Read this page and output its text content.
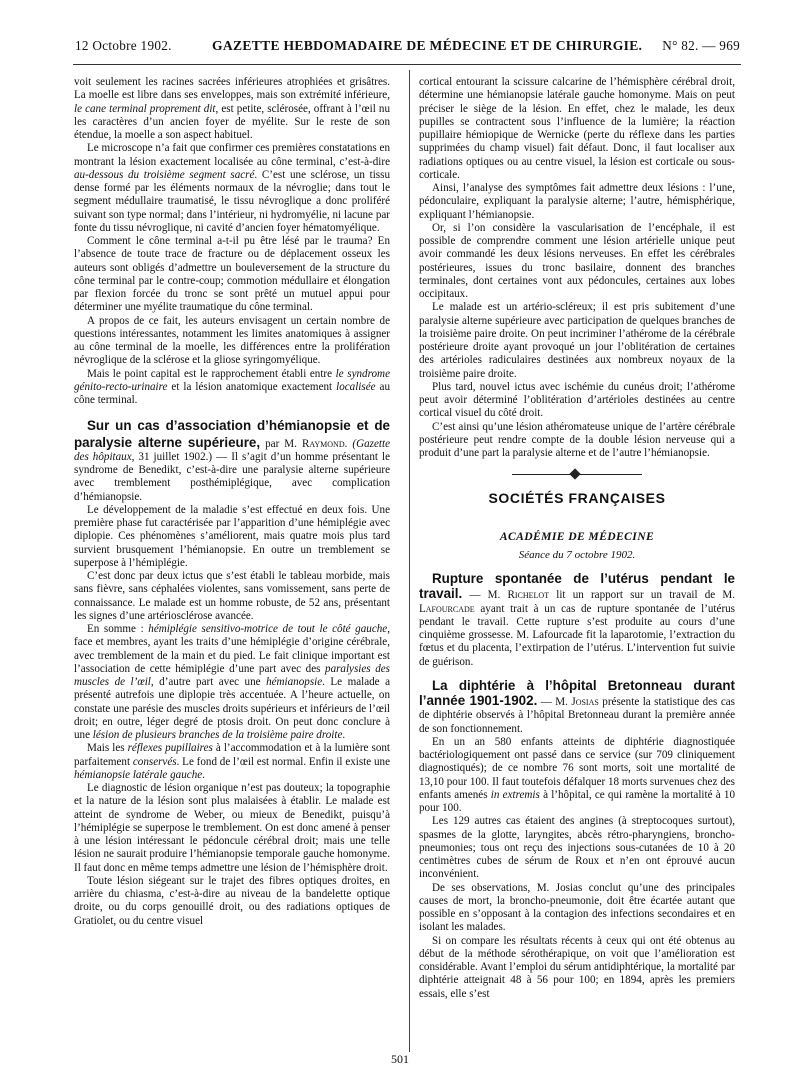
12 Octobre 1902.	GAZETTE HEBDOMADAIRE DE MÉDECINE ET DE CHIRURGIE. N° 82. — 969

voit seulement les racines sacrées inférieures atrophiées et grisâtres. La moelle est libre dans ses enveloppes, mais son extrémité inférieure, le cane terminal proprement dit, est petite, sclérosée, offrant à l’œil nu les caractères d’un ancien foyer de myélite. Sur le reste de son étendue, la moelle a son aspect habituel.

Le microscope n’a fait que confirmer ces premières constatations en montrant la lésion exactement localisée au cône terminal, c’est-à-dire au-dessous du troisième segment sacré. C’est une sclérose, un tissu dense formé par les éléments normaux de la névroglie; dans tout le segment médullaire traumatisé, le tissu névroglique a donc proliféré suivant son type normal; dans l’intérieur, ni hydromyélie, ni lacune par fonte du tissu névroglique, ni cavité d’ancien foyer hématomyélique.

Comment le cône terminal a-t-il pu être lésé par le trauma? En l’absence de toute trace de fracture ou de déplacement osseux les auteurs sont obligés d’admettre un bouleversement de la structure du cône terminal par le contre-coup; commotion médullaire et élongation par flexion forcée du tronc se sont prêté un mutuel appui pour déterminer une myélite traumatique du cône terminal.

A propos de ce fait, les auteurs envisagent un certain nombre de questions intéressantes, notamment les limites anatomiques à assigner au cône terminal de la moelle, les différences entre la prolifération névroglique de la sclérose et la gliose syringomyélique.

Mais le point capital est le rapprochement établi entre le syndrome génito-recto-urinaire et la lésion anatomique exactement localisée au cône terminal.

Sur un cas d’association d’hémianopsie et de paralysie alterne supérieure, par M. Raymond. (Gazette des hôpitaux, 31 juillet 1902.) — Il s’agit d’un homme présentant le syndrome de Benedikt, c’est-à-dire une paralysie alterne supérieure avec tremblement posthémiplégique, avec complication d’hémianopsie.

Le développement de la maladie s’est effectué en deux fois. Une première phase fut caractérisée par l’apparition d’une hémiplégie avec diplopie. Ces phénomènes s’améliorent, mais quatre mois plus tard survient brusquement l’hémianopsie. En outre un tremblement se superpose à l’hémiplégie.

C’est donc par deux ictus que s’est établi le tableau morbide, mais sans fièvre, sans céphalées violentes, sans vomissement, sans perte de connaissance. Le malade est un homme robuste, de 52 ans, présentant les signes d’une artériosclérose avancée.

En somme : hémiplégie sensitivo-motrice de tout le côté gauche, face et membres, ayant les traits d’une hémiplégie d’origine cérébrale, avec tremblement de la main et du pied. Le fait clinique important est l’association de cette hémiplégie d’une part avec des paralysies des muscles de l’œil, d’autre part avec une hémianopsie. Le malade a présenté autrefois une diplopie très accentuée. A l’heure actuelle, on constate une parésie des muscles droits supérieurs et inférieurs de l’œil droit; en outre, léger degré de ptosis droit. On peut donc conclure à une lésion de plusieurs branches de la troisième paire droite.

Mais les réflexes pupillaires à l’accommodation et à la lumière sont parfaitement conservés. Le fond de l’œil est normal. Enfin il existe une hémianopsie latérale gauche.

Le diagnostic de lésion organique n’est pas douteux; la topographie et la nature de la lésion sont plus malaisées à établir. Le malade est atteint de syndrome de Weber, ou mieux de Benedikt, puisqu’à l’hémiplégie se superpose le tremblement. On est donc amené à penser à une lésion intéressant le pédoncule cérébral droit; mais une telle lésion ne saurait produire l’hémianopsie temporale gauche homonyme. Il faut donc en même temps admettre une lésion de l’hémisphère droit.

Toute lésion siégeant sur le trajet des fibres optiques droites, en arrière du chiasma, c’est-à-dire au niveau de la bandelette optique droite, ou du corps genouillé droit, ou des radiations optiques de Gratiolet, ou du centre visuel

cortical entourant la scissure calcarine de l’hémisphère cérébral droit, détermine une hémianopsie latérale gauche homonyme. Mais on peut préciser le siège de la lésion. En effet, chez le malade, les deux pupilles se contractent sous l’influence de la lumière; la réaction pupillaire hémiopique de Wernicke (perte du réflexe dans les parties supprimées du champ visuel) fait défaut. Donc, il faut localiser aux radiations optiques ou au centre visuel, la lésion est corticale ou sous-corticale.

Ainsi, l’analyse des symptômes fait admettre deux lésions : l’une, pédonculaire, expliquant la paralysie alterne; l’autre, hémisphérique, expliquant l’hémianopsie.

Or, si l’on considère la vascularisation de l’encéphale, il est possible de comprendre comment une lésion artérielle unique peut avoir commandé les deux lésions nerveuses. En effet les cérébrales postérieures, issues du tronc basilaire, donnent des branches terminales, dont certaines vont aux pédoncules, certaines aux lobes occipitaux.

Le malade est un artério-scléreux; il est pris subitement d’une paralysie alterne supérieure avec participation de quelques branches de la troisième paire droite. On peut incriminer l’athérome de la cérébrale postérieure droite ayant provoqué un jour l’oblitération de certaines des artérioles radiculaires destinées aux nombreux noyaux de la troisième paire droite.

Plus tard, nouvel ictus avec ischémie du cunéus droit; l’athérome peut avoir déterminé l’oblitération d’artérioles destinées au centre cortical visuel du côté droit.

C’est ainsi qu’une lésion athéromateuse unique de l’artère cérébrale postérieure peut rendre compte de la double lésion nerveuse qui a produit d’une part la paralysie alterne et de l’autre l’hémianopsie.

SOCIÉTÉS FRANÇAISES
ACADÉMIE DE MÉDECINE
Séance du 7 octobre 1902.

Rupture spontanée de l’utérus pendant le travail. — M. Richelot lit un rapport sur un travail de M. Lafourcade ayant trait à un cas de rupture spontanée de l’utérus pendant le travail. Cette rupture s’est produite au cours d’une cinquième grossesse. M. Lafourcade fit la laparotomie, l’extraction du fœtus et du placenta, l’extirpation de l’utérus. L’intervention fut suivie de guérison.

La diphtérie à l’hôpital Bretonneau durant l’année 1901-1902. — M. Josias présente la statistique des cas de diphtérie observés à l’hôpital Bretonneau durant la première année de son fonctionnement.

En un an 580 enfants atteints de diphtérie diagnostiquée bactériologiquement ont passé dans ce service (sur 709 cliniquement diagnostiqués); de ce nombre 76 sont morts, soit une mortalité de 13,10 pour 100. Il faut toutefois défalquer 18 morts survenues chez des enfants amenés in extremis à l’hôpital, ce qui ramène la mortalité à 10 pour 100.

Les 129 autres cas étaient des angines (à streptocoques surtout), spasmes de la glotte, laryngites, abcès rétro-pharyngiens, broncho-pneumonies; tous ont reçu des injections sous-cutanées de 10 à 20 centimètres cubes de sérum de Roux et n’en ont éprouvé aucun inconvénient.

De ses observations, M. Josias conclut qu’une des principales causes de mort, la broncho-pneumonie, doit être écartée autant que possible en s’opposant à la contagion des infections secondaires et en isolant les malades.

Si on compare les résultats récents à ceux qui ont été obtenus au début de la méthode sérothérapique, on voit que l’amélioration est considérable. Avant l’emploi du sérum antidiphtérique, la mortalité par diphtérie atteignait 48 à 56 pour 100; en 1894, après les premiers essais, elle s’est

501
